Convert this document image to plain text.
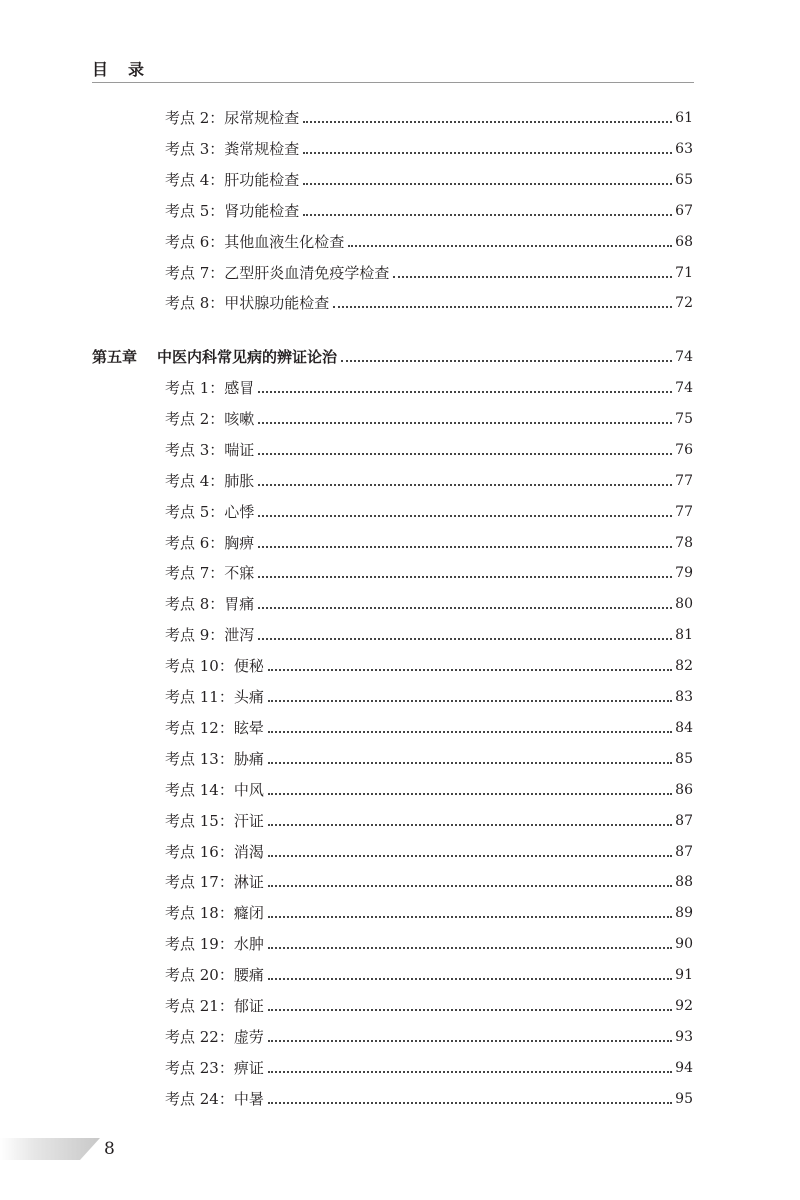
目录
考点 2：尿常规检查	61
考点 3：粪常规检查	63
考点 4：肝功能检查	65
考点 5：肾功能检查	67
考点 6：其他血液生化检查	68
考点 7：乙型肝炎血清免疫学检查	71
考点 8：甲状腺功能检查	72
第五章	中医内科常见病的辨证论治	74
考点 1：感冒	74
考点 2：咳嗽	75
考点 3：喘证	76
考点 4：肺胀	77
考点 5：心悸	77
考点 6：胸痹	78
考点 7：不寐	79
考点 8：胃痛	80
考点 9：泄泻	81
考点 10：便秘	82
考点 11：头痛	83
考点 12：眩晕	84
考点 13：胁痛	85
考点 14：中风	86
考点 15：汗证	87
考点 16：消渴	87
考点 17：淋证	88
考点 18：癃闭	89
考点 19：水肿	90
考点 20：腰痛	91
考点 21：郁证	92
考点 22：虚劳	93
考点 23：痹证	94
考点 24：中暑	95
8
